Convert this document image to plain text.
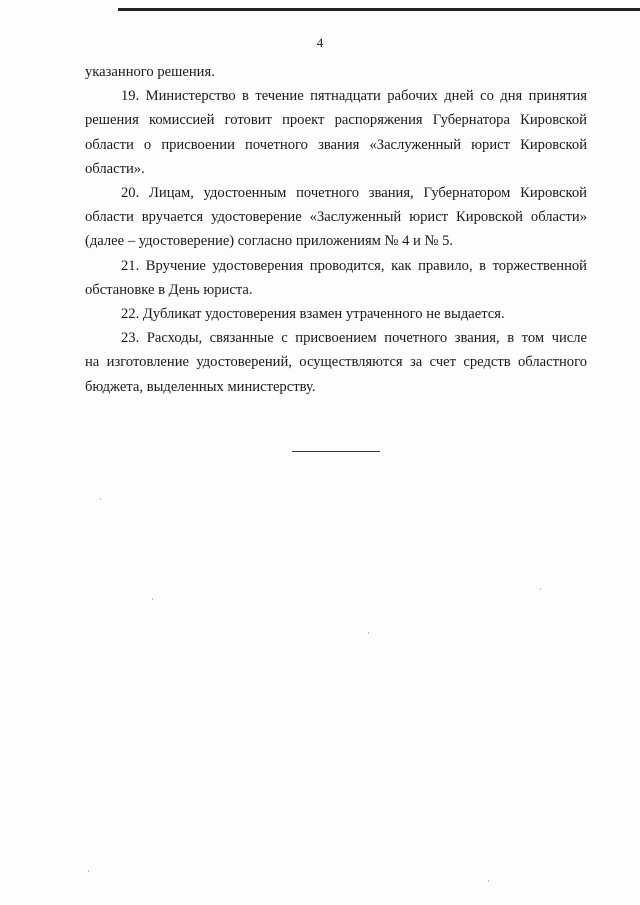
4
указанного решения.
19. Министерство в течение пятнадцати рабочих дней со дня принятия
решения комиссией готовит проект распоряжения Губернатора Кировской
области о присвоении почетного звания «Заслуженный юрист Кировской
области».
20. Лицам, удостоенным почетного звания, Губернатором Кировской
области вручается удостоверение «Заслуженный юрист Кировской области»
(далее – удостоверение) согласно приложениям № 4 и № 5.
21. Вручение удостоверения проводится, как правило, в торжественной
обстановке в День юриста.
22. Дубликат удостоверения взамен утраченного не выдается.
23. Расходы, связанные с присвоением почетного звания, в том числе
на изготовление удостоверений, осуществляются за счет средств областного
бюджета, выделенных министерству.
